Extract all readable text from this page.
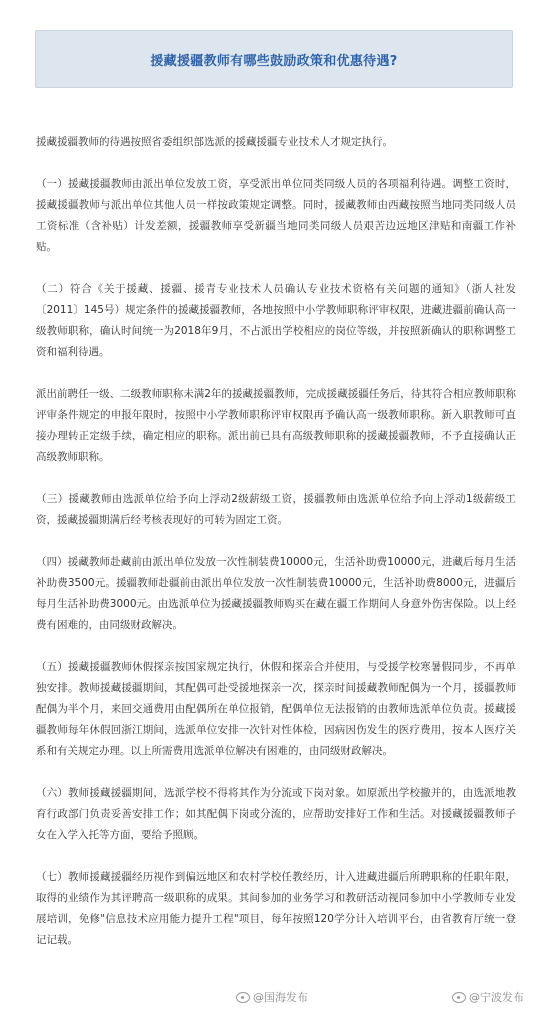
援藏援疆教师有哪些鼓励政策和优惠待遇?

援藏援疆教师的待遇按照省委组织部选派的援藏援疆专业技术人才规定执行。

（一）援藏援疆教师由派出单位发放工资，享受派出单位同类同级人员的各项福利待遇。调整工资时，援藏援疆教师与派出单位其他人员一样按政策规定调整。同时，援藏教师由西藏按照当地同类同级人员工资标准（含补贴）计发差额，援疆教师享受新疆当地同类同级人员艰苦边远地区津贴和南疆工作补贴。

（二）符合《关于援藏、援疆、援青专业技术人员确认专业技术资格有关问题的通知》（浙人社发〔2011〕145号）规定条件的援藏援疆教师，各地按照中小学教师职称评审权限，进藏进疆前确认高一级教师职称，确认时间统一为2018年9月，不占派出学校相应的岗位等级，并按照新确认的职称调整工资和福利待遇。

派出前聘任一级、二级教师职称未满2年的援藏援疆教师，完成援藏援疆任务后，待其符合相应教师职称评审条件规定的申报年限时，按照中小学教师职称评审权限再予确认高一级教师职称。新入职教师可直接办理转正定级手续，确定相应的职称。派出前已具有高级教师职称的援藏援疆教师，不予直接确认正高级教师职称。

（三）援藏教师由选派单位给予向上浮动2级薪级工资，援疆教师由选派单位给予向上浮动1级薪级工资，援藏援疆期满后经考核表现好的可转为固定工资。

（四）援藏教师赴藏前由派出单位发放一次性制装费10000元，生活补助费10000元，进藏后每月生活补助费3500元。援疆教师赴疆前由派出单位发放一次性制装费10000元，生活补助费8000元，进疆后每月生活补助费3000元。由选派单位为援藏援疆教师购买在藏在疆工作期间人身意外伤害保险。以上经费有困难的，由同级财政解决。

（五）援藏援疆教师休假探亲按国家规定执行，休假和探亲合并使用，与受援学校寒暑假同步，不再单独安排。教师援藏援疆期间，其配偶可赴受援地探亲一次，探亲时间援藏教师配偶为一个月，援疆教师配偶为半个月，来回交通费用由配偶所在单位报销，配偶单位无法报销的由教师选派单位负责。援藏援疆教师每年休假回浙江期间，选派单位安排一次针对性体检，因病因伤发生的医疗费用，按本人医疗关系和有关规定办理。以上所需费用选派单位解决有困难的，由同级财政解决。

（六）教师援藏援疆期间，选派学校不得将其作为分流或下岗对象。如原派出学校撤并的，由选派地教育行政部门负责妥善安排工作；如其配偶下岗或分流的，应帮助安排好工作和生活。对援藏援疆教师子女在入学入托等方面，要给予照顾。

（七）教师援藏援疆经历视作到偏远地区和农村学校任教经历，计入进藏进疆后所聘职称的任职年限，取得的业绩作为其评聘高一级职称的成果。其间参加的业务学习和教研活动视同参加中小学教师专业发展培训，免修"信息技术应用能力提升工程"项目，每年按照120学分计入培训平台，由省教育厅统一登记记载。

@国海发布	@宁波发布
